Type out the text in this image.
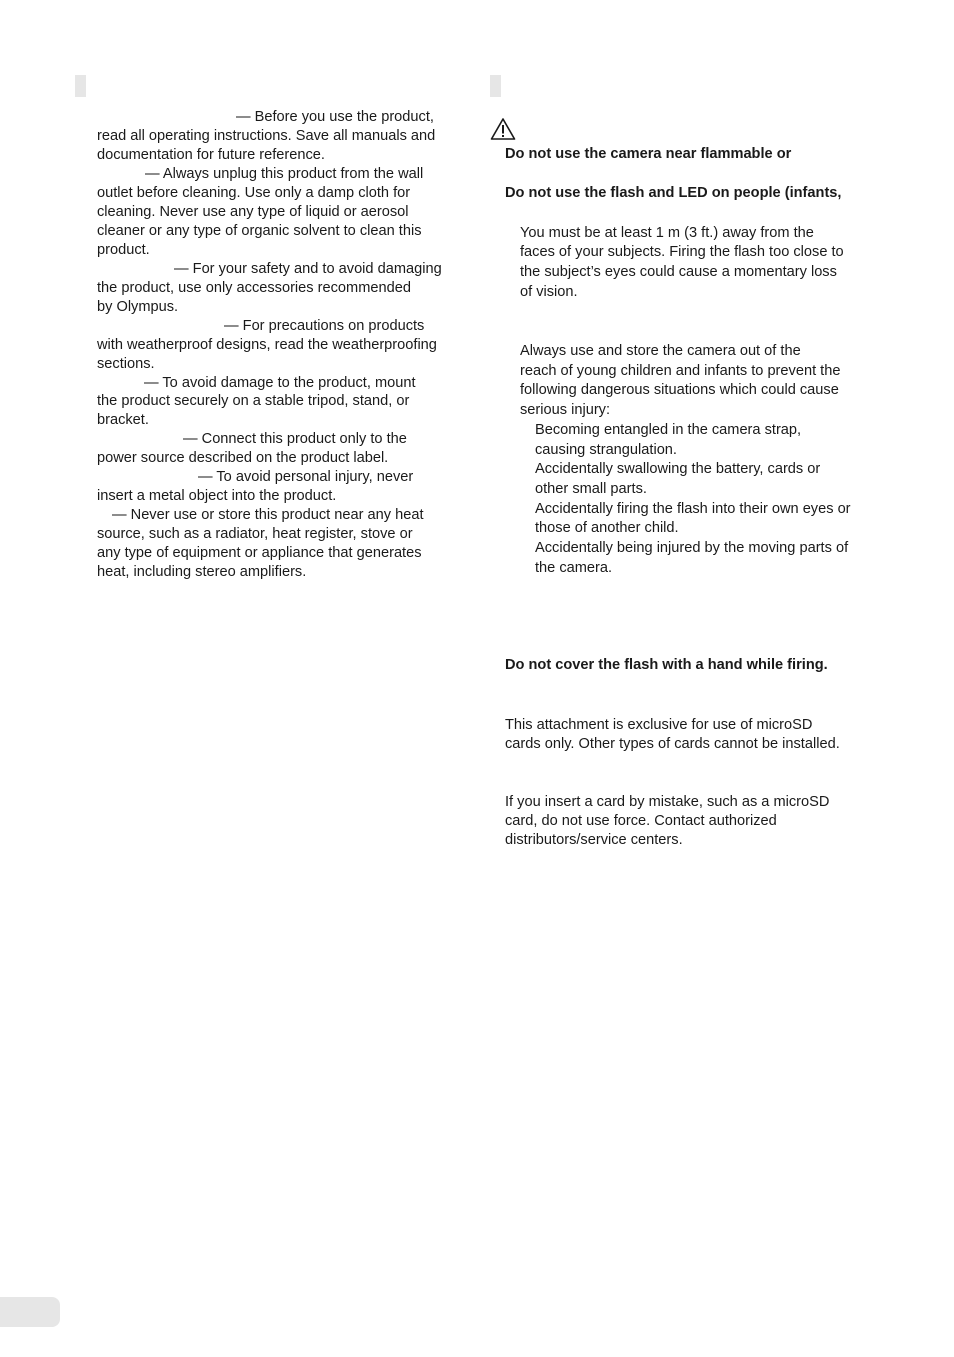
— Before you use the product,
read all operating instructions. Save all manuals and
documentation for future reference.
— Always unplug this product from the wall
outlet before cleaning. Use only a damp cloth for
cleaning. Never use any type of liquid or aerosol
cleaner or any type of organic solvent to clean this
product.
— For your safety and to avoid damaging
the product, use only accessories recommended
by Olympus.
— For precautions on products
with weatherproof designs, read the weatherproofing
sections.
— To avoid damage to the product, mount
the product securely on a stable tripod, stand, or
bracket.
— Connect this product only to the
power source described on the product label.
— To avoid personal injury, never
insert a metal object into the product.
— Never use or store this product near any heat
source, such as a radiator, heat register, stove or
any type of equipment or appliance that generates
heat, including stereo amplifiers.
Do not use the camera near flammable or
Do not use the flash and LED on people (infants,
You must be at least 1 m (3 ft.) away from the
faces of your subjects. Firing the flash too close to
the subject’s eyes could cause a momentary loss
of vision.
Always use and store the camera out of the
reach of young children and infants to prevent the
following dangerous situations which could cause
serious injury:
Becoming entangled in the camera strap,
causing strangulation.
Accidentally swallowing the battery, cards or
other small parts.
Accidentally firing the flash into their own eyes or
those of another child.
Accidentally being injured by the moving parts of
the camera.
Do not cover the flash with a hand while firing.
This attachment is exclusive for use of microSD
cards only. Other types of cards cannot be installed.
If you insert a card by mistake, such as a microSD
card, do not use force. Contact authorized
distributors/service centers.
